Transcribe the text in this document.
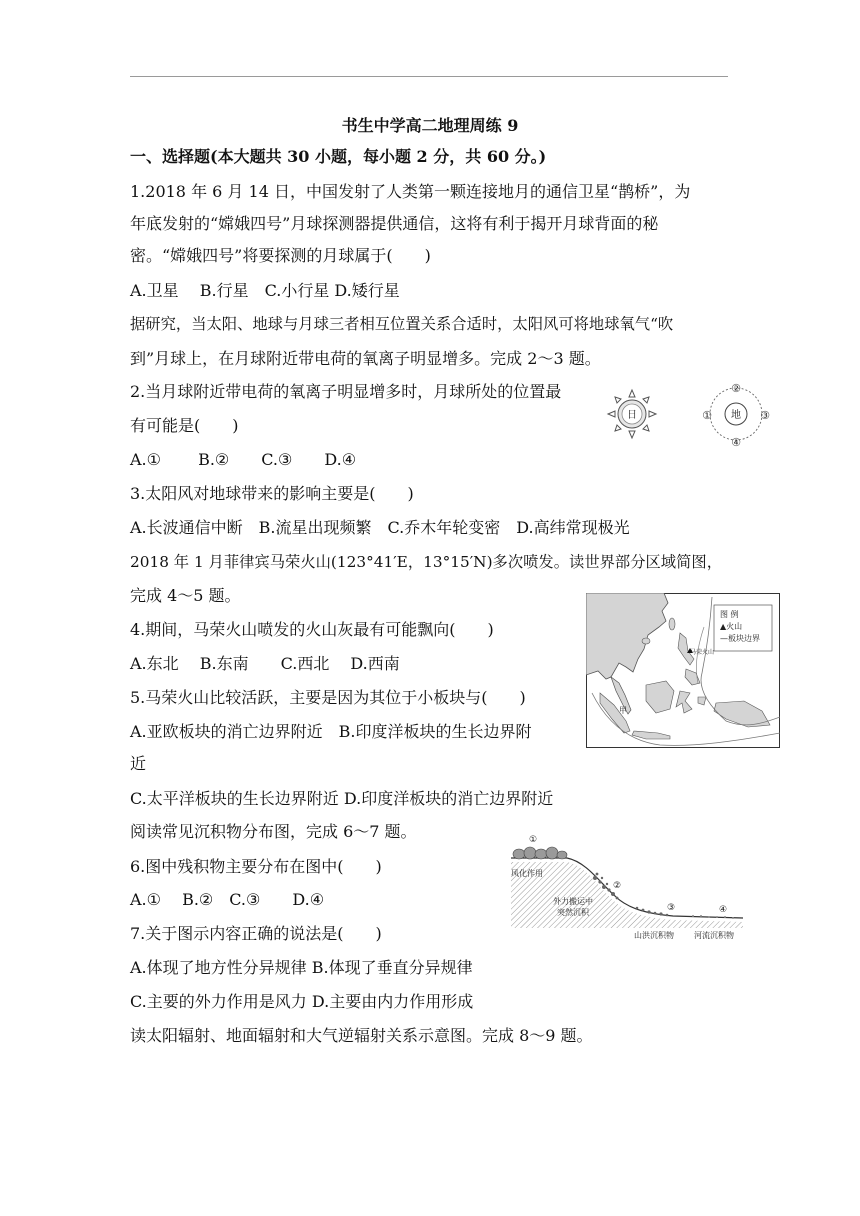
书生中学高二地理周练 9
一、选择题(本大题共 30 小题，每小题 2 分，共 60 分。)
1.2018 年 6 月 14 日，中国发射了人类第一颗连接地月的通信卫星“鹊桥”，为
年底发射的“嫦娥四号”月球探测器提供通信，这将有利于揭开月球背面的秘
密。“嫦娥四号”将要探测的月球属于(　　)
A.卫星　 B.行星　C.小行星 D.矮行星
据研究，当太阳、地球与月球三者相互位置关系合适时，太阳风可将地球氧气“吹
到”月球上，在月球附近带电荷的氧离子明显增多。完成 2～3 题。
2.当月球附近带电荷的氧离子明显增多时，月球所处的位置最
有可能是(　　)
A.①　　 B.②　　C.③　　D.④
3.太阳风对地球带来的影响主要是(　　)
A.长波通信中断　B.流星出现频繁　C.乔木年轮变密　D.高纬常现极光
2018 年 1 月菲律宾马荣火山(123°41′E，13°15′N)多次喷发。读世界部分区域简图，
完成 4～5 题。
4.期间，马荣火山喷发的火山灰最有可能飘向(　　)
A.东北　 B.东南　　C.西北　 D.西南
5.马荣火山比较活跃，主要是因为其位于小板块与(　　)
A.亚欧板块的消亡边界附近　B.印度洋板块的生长边界附
近
C.太平洋板块的生长边界附近 D.印度洋板块的消亡边界附近
阅读常见沉积物分布图，完成 6～7 题。
6.图中残积物主要分布在图中(　　)
A.①　 B.②　C.③　　D.④
7.关于图示内容正确的说法是(　　)
A.体现了地方性分异规律 B.体现了垂直分异规律
C.主要的外力作用是风力 D.主要由内力作用形成
读太阳辐射、地面辐射和大气逆辐射关系示意图。完成 8～9 题。
日	地
①
②
③
④
图 例
▲火山
—板块边界
马荣火山
甲
①
②
③	④
风化作用
外力搬运中
突然沉积
山洪沉积物	河流沉积物
